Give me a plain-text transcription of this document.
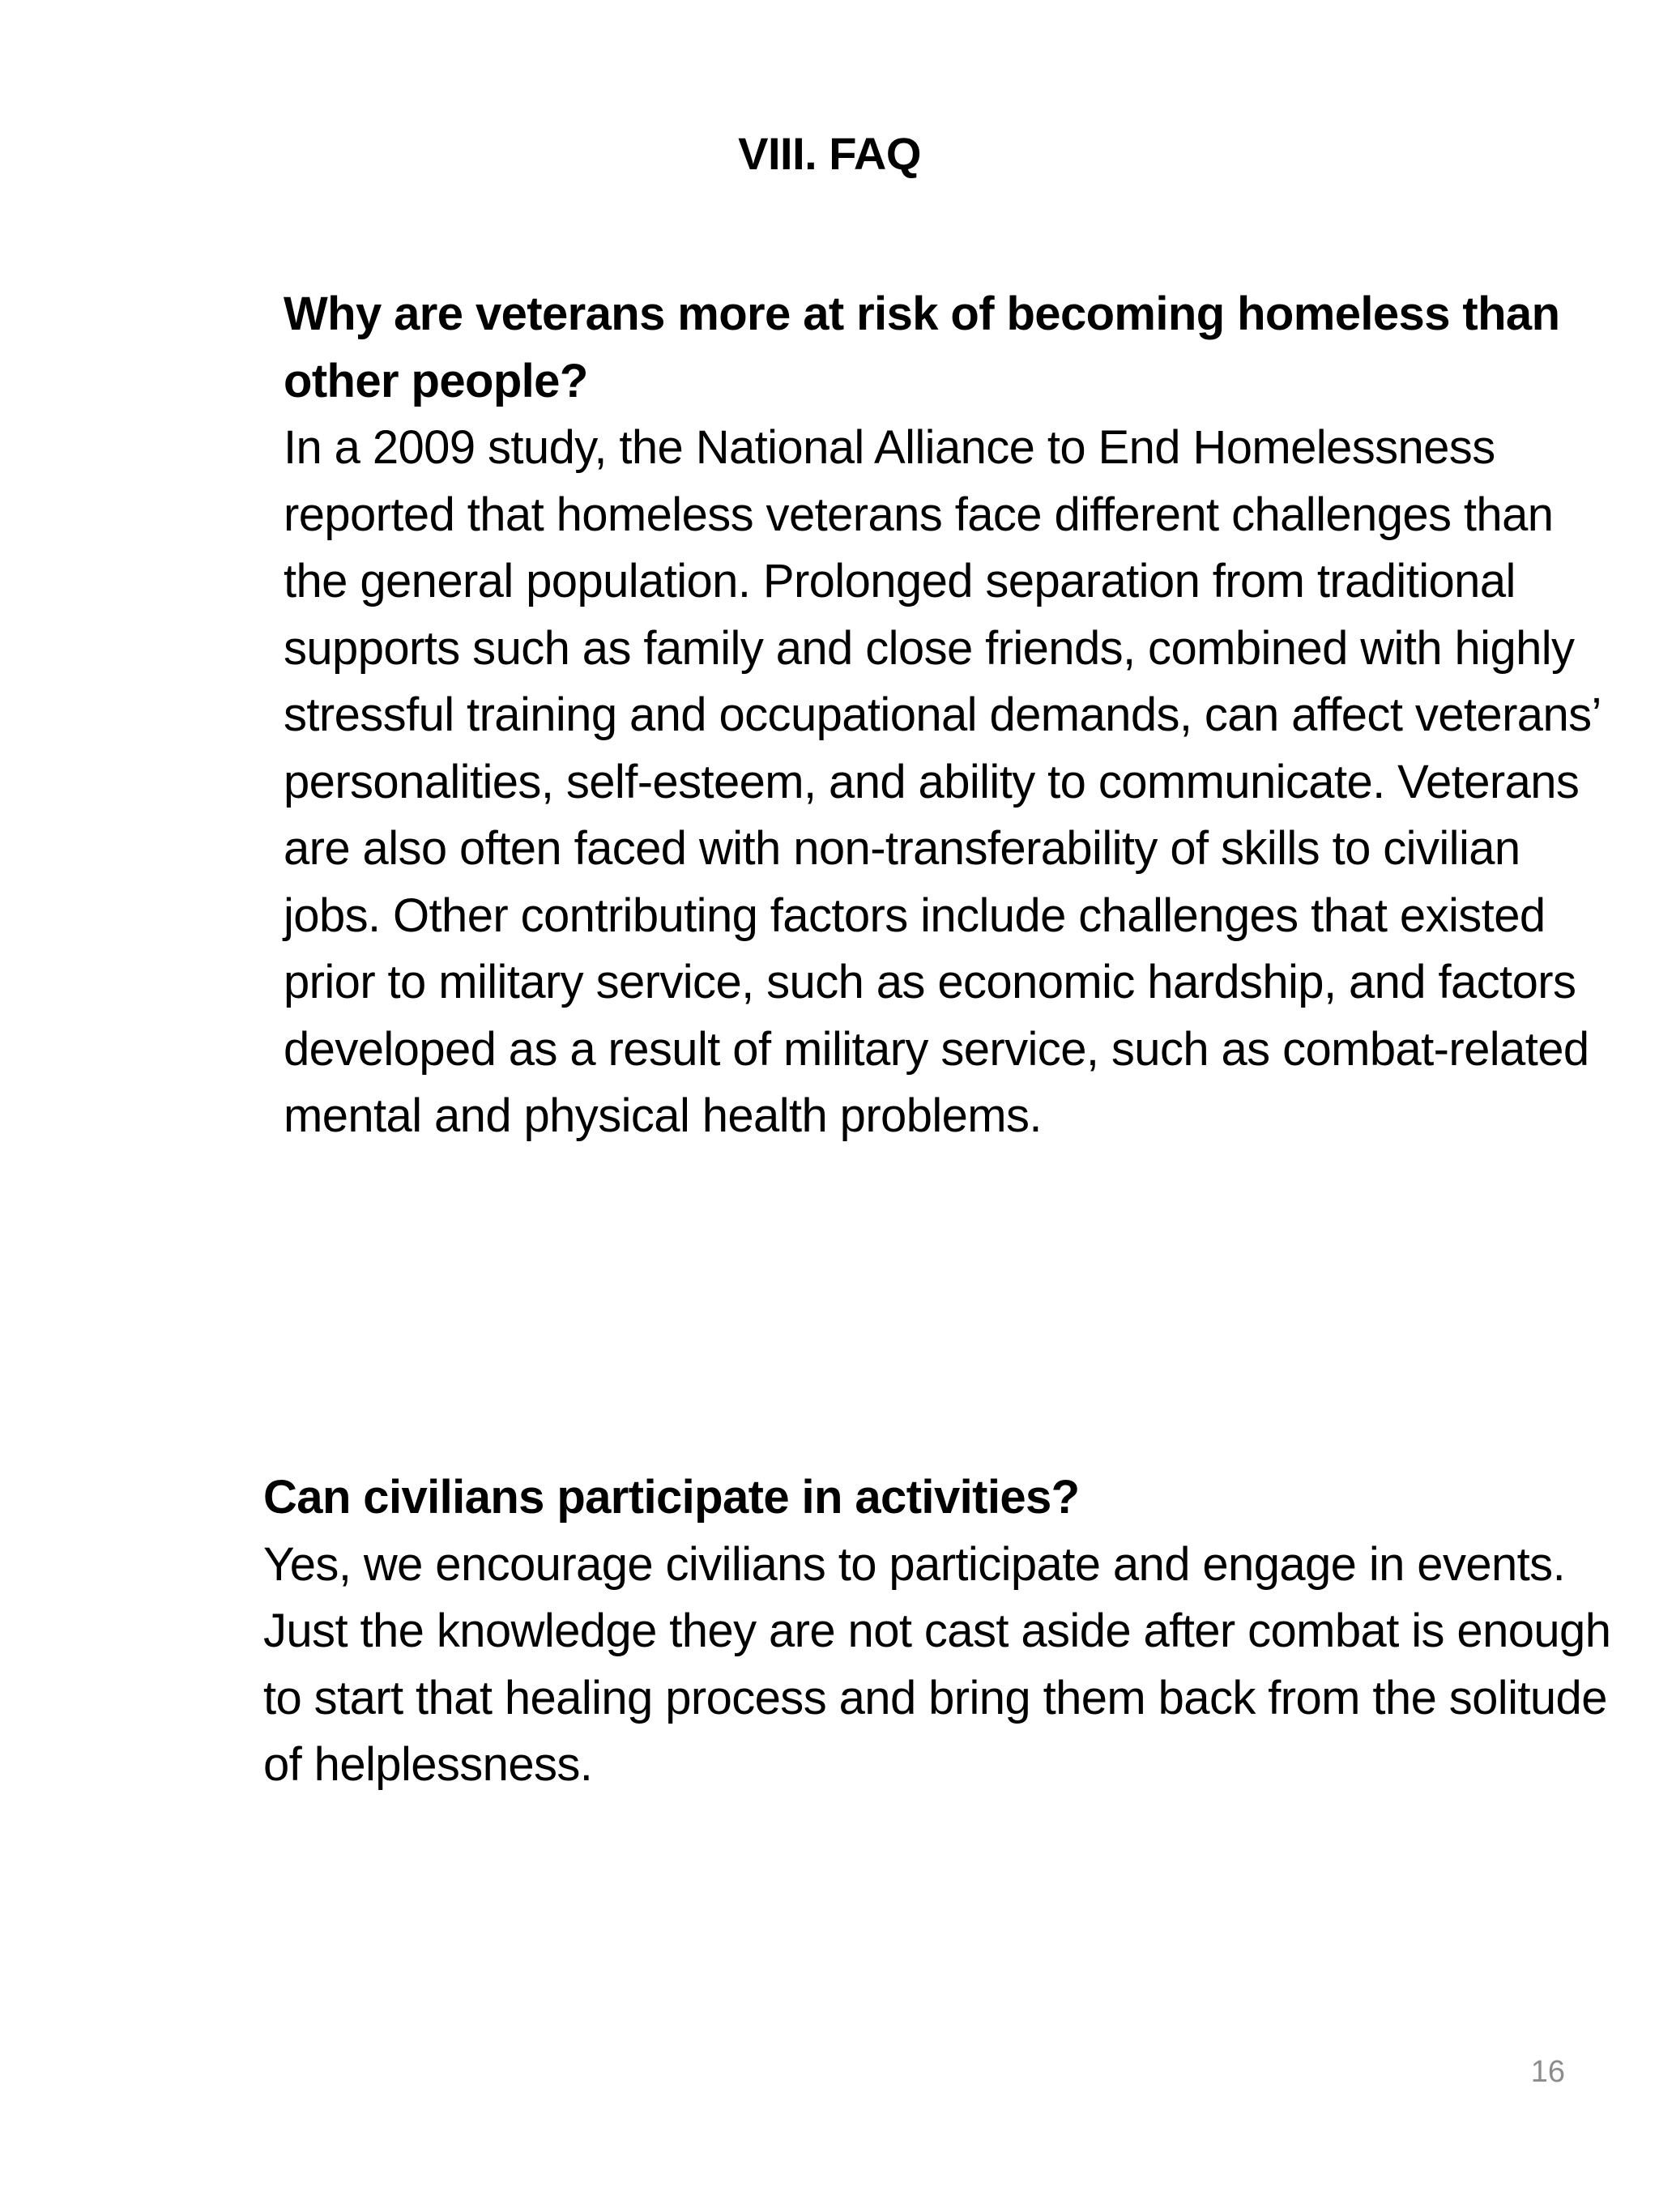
VIII. FAQ
Why are veterans more at risk of becoming homeless than other people?
In a 2009 study, the National Alliance to End Homelessness reported that homeless veterans face different challenges than the general population. Prolonged separation from traditional supports such as family and close friends, combined with highly stressful training and occupational demands, can affect veterans’ personalities, self-esteem, and ability to communicate. Veterans are also often faced with non-transferability of skills to civilian jobs. Other contributing factors include challenges that existed prior to military service, such as economic hardship, and factors developed as a result of military service, such as combat-related mental and physical health problems.
Can civilians participate in activities?
Yes, we encourage civilians to participate and engage in events. Just the knowledge they are not cast aside after combat is enough to start that healing process and bring them back from the solitude of helplessness.
16
